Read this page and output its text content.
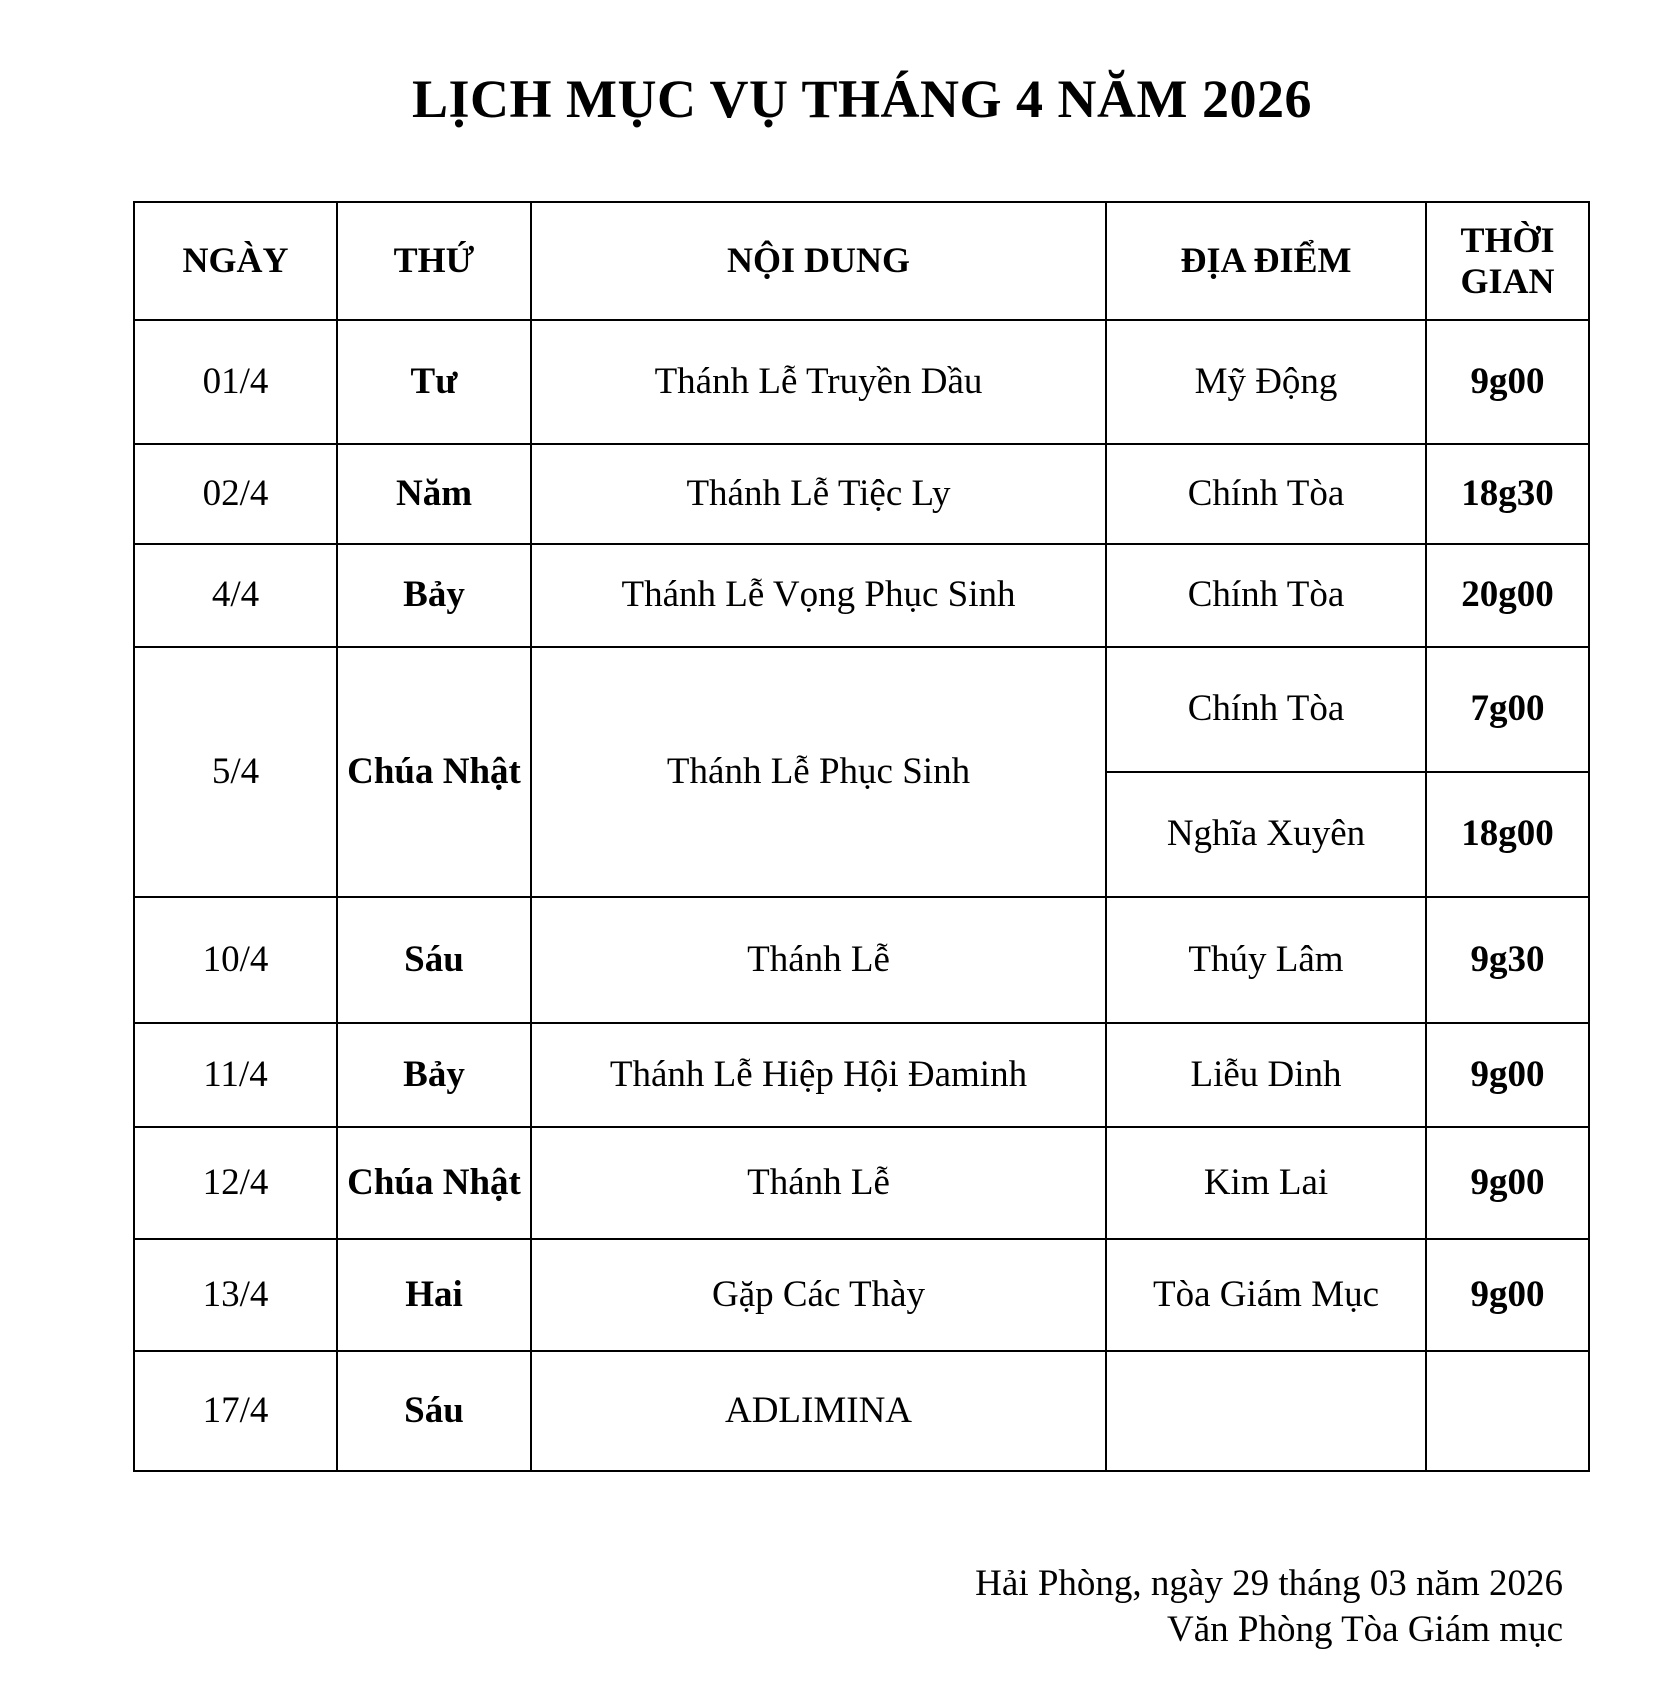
LỊCH MỤC VỤ THÁNG 4 NĂM 2026
NGÀY	THỨ	NỘI DUNG	ĐỊA ĐIỂM	THỜI
GIAN
01/4	Tư	Thánh Lễ Truyền Dầu	Mỹ Động	9g00
02/4	Năm	Thánh Lễ Tiệc Ly	Chính Tòa	18g30
4/4	Bảy	Thánh Lễ Vọng Phục Sinh	Chính Tòa	20g00
5/4	Chúa Nhật	Thánh Lễ Phục Sinh	Chính Tòa	7g00
			Nghĩa Xuyên	18g00
10/4	Sáu	Thánh Lễ	Thúy Lâm	9g30
11/4	Bảy	Thánh Lễ Hiệp Hội Đaminh	Liễu Dinh	9g00
12/4	Chúa Nhật	Thánh Lễ	Kim Lai	9g00
13/4	Hai	Gặp Các Thày	Tòa Giám Mục	9g00
17/4	Sáu	ADLIMINA		
Hải Phòng, ngày 29 tháng 03 năm 2026
Văn Phòng Tòa Giám mục
